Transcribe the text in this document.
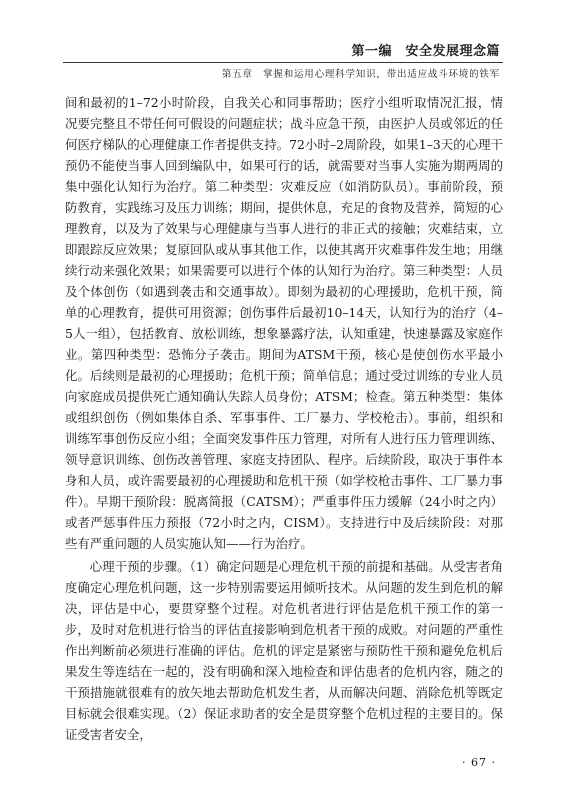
第一编　安全发展理念篇
第五章　掌握和运用心理科学知识，带出适应战斗环境的铁军

间和最初的1–72小时阶段，自我关心和同事帮助；医疗小组听取情况汇报，情况要完整且不带任何可假设的问题症状；战斗应急干预，由医护人员或邻近的任何医疗梯队的心理健康工作者提供支持。72小时–2周阶段，如果1–3天的心理干预仍不能使当事人回到编队中，如果可行的话，就需要对当事人实施为期两周的集中强化认知行为治疗。第二种类型：灾难反应（如消防队员）。事前阶段，预防教育，实践练习及压力训练；期间，提供休息，充足的食物及营养，简短的心理教育，以及为了效果与心理健康与当事人进行的非正式的接触；灾难结束，立即跟踪反应效果；复原回队或从事其他工作，以使其离开灾难事件发生地；用继续行动来强化效果；如果需要可以进行个体的认知行为治疗。第三种类型：人员及个体创伤（如遇到袭击和交通事故）。即刻为最初的心理援助，危机干预，简单的心理教育，提供可用资源；创伤事件后最初10–14天，认知行为的治疗（4–5人一组），包括教育、放松训练，想象暴露疗法，认知重建，快速暴露及家庭作业。第四种类型：恐怖分子袭击。期间为ATSM干预，核心是使创伤水平最小化。后续则是最初的心理援助；危机干预；简单信息；通过受过训练的专业人员向家庭成员提供死亡通知确认失踪人员身份；ATSM；检查。第五种类型：集体或组织创伤（例如集体自杀、军事事件、工厂暴力、学校枪击）。事前，组织和训练军事创伤反应小组；全面突发事件压力管理，对所有人进行压力管理训练、领导意识训练、创伤改善管理、家庭支持团队、程序。后续阶段，取决于事件本身和人员，或许需要最初的心理援助和危机干预（如学校枪击事件、工厂暴力事件）。早期干预阶段：脱离简报（CATSM）；严重事件压力缓解（24小时之内）或者严惩事件压力预报（72小时之内，CISM）。支持进行中及后续阶段：对那些有严重问题的人员实施认知——行为治疗。

心理干预的步骤。（1）确定问题是心理危机干预的前提和基础。从受害者角度确定心理危机问题，这一步特别需要运用倾听技术。从问题的发生到危机的解决，评估是中心，要贯穿整个过程。对危机者进行评估是危机干预工作的第一步，及时对危机进行恰当的评估直接影响到危机者干预的成败。对问题的严重性作出判断前必须进行准确的评估。危机的评定是紧密与预防性干预和避免危机后果发生等连结在一起的，没有明确和深入地检查和评估患者的危机内容，随之的干预措施就很难有的放矢地去帮助危机发生者，从而解决问题、消除危机等既定目标就会很难实现。（2）保证求助者的安全是贯穿整个危机过程的主要目的。保证受害者安全，

· 67 ·
